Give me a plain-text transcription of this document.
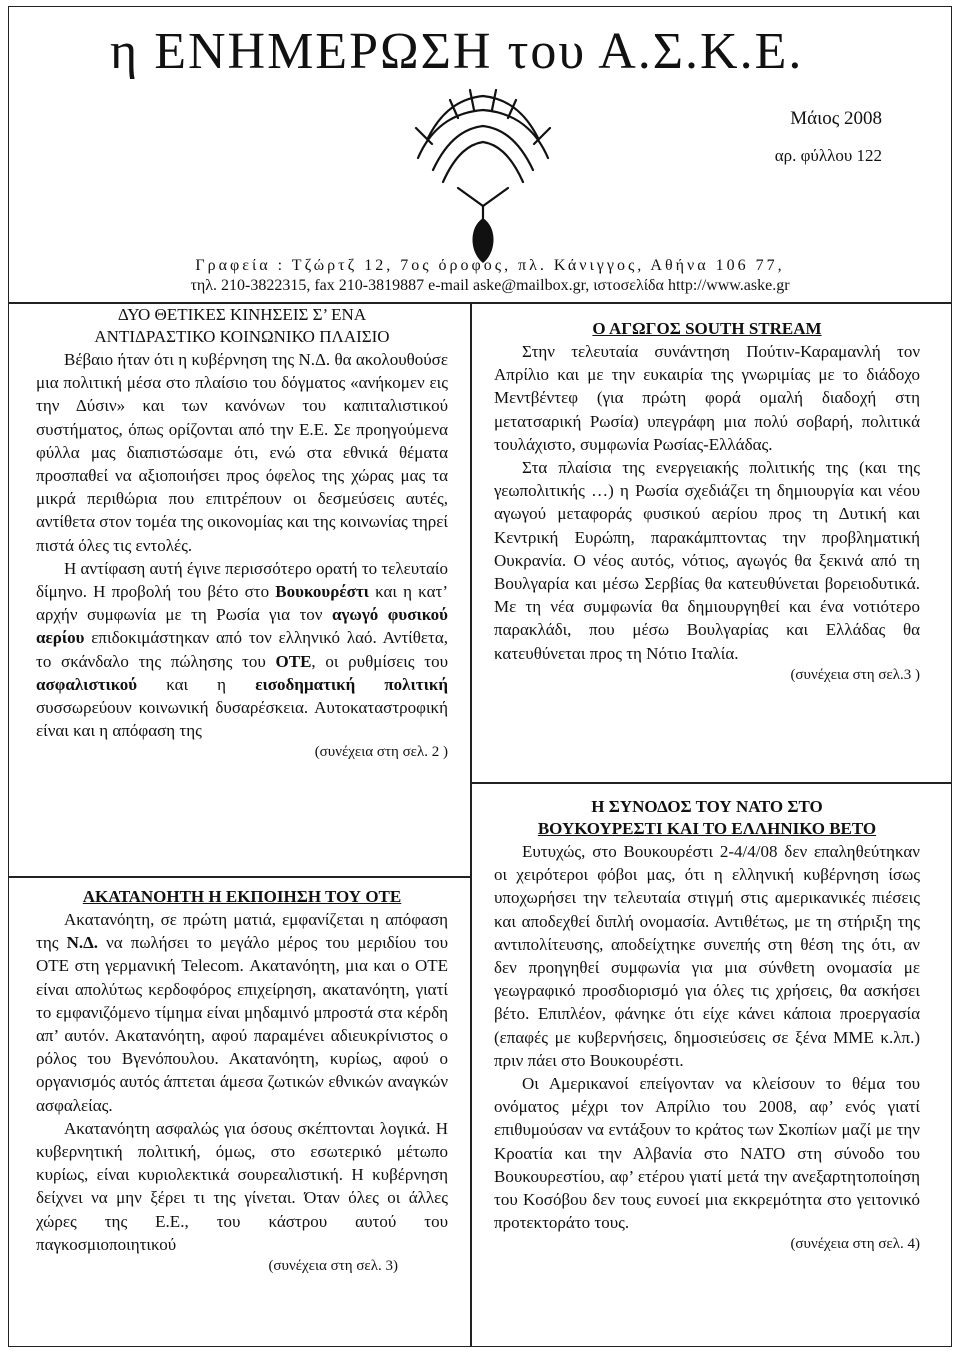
η ΕΝΗΜΕΡΩΣΗ του Α.Σ.Κ.Ε.
Μάιος 2008
αρ. φύλλου 122
Γραφεία : Τζώρτζ 12, 7ος όροφος, πλ. Κάνιγγος, Αθήνα 106 77,
τηλ. 210-3822315, fax 210-3819887 e-mail aske@mailbox.gr, ιστοσελίδα http://www.aske.gr

ΔΥΟ ΘΕΤΙΚΕΣ ΚΙΝΗΣΕΙΣ Σ’ ΕΝΑ

ΑΝΤΙΔΡΑΣΤΙΚΟ ΚΟΙΝΩΝΙΚΟ ΠΛΑΙΣΙΟ

Βέβαιο ήταν ότι η κυβέρνηση της Ν.Δ. θα ακολουθούσε μια πολιτική μέσα στο πλαίσιο του δόγματος «ανήκομεν εις την Δύσιν» και των κανόνων του καπιταλιστικού συστήματος, όπως ορίζονται από την Ε.Ε. Σε προηγούμενα φύλλα μας διαπιστώσαμε ότι, ενώ στα εθνικά θέματα προσπαθεί να αξιοποιήσει προς όφελος της χώρας μας τα μικρά περιθώρια που επιτρέπουν οι δεσμεύσεις αυτές, αντίθετα στον τομέα της οικονομίας και της κοινωνίας τηρεί πιστά όλες τις εντολές.

Η αντίφαση αυτή έγινε περισσότερο ορατή το τελευταίο δίμηνο. Η προβολή του βέτο στο Βουκουρέστι και η κατ’ αρχήν συμφωνία με τη Ρωσία για τον αγωγό φυσικού αερίου επιδοκιμάστηκαν από τον ελληνικό λαό. Αντίθετα, το σκάνδαλο της πώλησης του ΟΤΕ, οι ρυθμίσεις του ασφαλιστικού και η εισοδηματική πολιτική συσσωρεύουν κοινωνική δυσαρέσκεια. Αυτοκαταστροφική είναι και η απόφαση της

(συνέχεια στη σελ. 2 )

ΑΚΑΤΑΝΟΗΤΗ Η ΕΚΠΟΙΗΣΗ ΤΟΥ ΟΤΕ

Ακατανόητη, σε πρώτη ματιά, εμφανίζεται η απόφαση της Ν.Δ. να πωλήσει το μεγάλο μέρος του μεριδίου του ΟΤΕ στη γερμανική Telecom. Ακατανόητη, μια και ο ΟΤΕ είναι απολύτως κερδοφόρος επιχείρηση, ακατανόητη, γιατί το εμφανιζόμενο τίμημα είναι μηδαμινό μπροστά στα κέρδη απ’ αυτόν. Ακατανόητη, αφού παραμένει αδιευκρίνιστος ο ρόλος του Βγενόπουλου. Ακατανόητη, κυρίως, αφού ο οργανισμός αυτός άπτεται άμεσα ζωτικών εθνικών αναγκών ασφαλείας.

Ακατανόητη ασφαλώς για όσους σκέπτονται λογικά. Η κυβερνητική πολιτική, όμως, στο εσωτερικό μέτωπο κυρίως, είναι κυριολεκτικά σουρεαλιστική. Η κυβέρνηση δείχνει να μην ξέρει τι της γίνεται. Όταν όλες οι άλλες χώρες της Ε.Ε., του κάστρου αυτού του παγκοσμιοποιητικού

(συνέχεια στη σελ. 3)

Ο ΑΓΩΓΟΣ SOUTH STREAM

Στην τελευταία συνάντηση Πούτιν-Καραμανλή τον Απρίλιο και με την ευκαιρία της γνωριμίας με το διάδοχο Μεντβέντεφ (για πρώτη φορά ομαλή διαδοχή στη μετατσαρική Ρωσία) υπεγράφη μια πολύ σοβαρή, πολιτικά τουλάχιστο, συμφωνία Ρωσίας-Ελλάδας.

Στα πλαίσια της ενεργειακής πολιτικής της (και της γεωπολιτικής …) η Ρωσία σχεδιάζει τη δημιουργία και νέου αγωγού μεταφοράς φυσικού αερίου προς τη Δυτική και Κεντρική Ευρώπη, παρακάμπτοντας την προβληματική Ουκρανία. Ο νέος αυτός, νότιος, αγωγός θα ξεκινά από τη Βουλγαρία και μέσω Σερβίας θα κατευθύνεται βορειοδυτικά. Με τη νέα συμφωνία θα δημιουργηθεί και ένα νοτιότερο παρακλάδι, που μέσω Βουλγαρίας και Ελλάδας θα κατευθύνεται προς τη Νότιο Ιταλία.

(συνέχεια στη σελ.3 )

Η ΣΥΝΟΔΟΣ ΤΟΥ ΝΑΤΟ ΣΤΟ

ΒΟΥΚΟΥΡΕΣΤΙ ΚΑΙ ΤΟ ΕΛΛΗΝΙΚΟ ΒΕΤΟ

Ευτυχώς, στο Βουκουρέστι 2-4/4/08 δεν επαληθεύτηκαν οι χειρότεροι φόβοι μας, ότι η ελληνική κυβέρνηση ίσως υποχωρήσει την τελευταία στιγμή στις αμερικανικές πιέσεις και αποδεχθεί διπλή ονομασία. Αντιθέτως, με τη στήριξη της αντιπολίτευσης, αποδείχτηκε συνεπής στη θέση της ότι, αν δεν προηγηθεί συμφωνία για μια σύνθετη ονομασία με γεωγραφικό προσδιορισμό για όλες τις χρήσεις, θα ασκήσει βέτο. Επιπλέον, φάνηκε ότι είχε κάνει κάποια προεργασία (επαφές με κυβερνήσεις, δημοσιεύσεις σε ξένα ΜΜΕ κ.λπ.) πριν πάει στο Βουκουρέστι.

Οι Αμερικανοί επείγονταν να κλείσουν το θέμα του ονόματος μέχρι τον Απρίλιο του 2008, αφ’ ενός γιατί επιθυμούσαν να εντάξουν το κράτος των Σκοπίων μαζί με την Κροατία και την Αλβανία στο ΝΑΤΟ στη σύνοδο του Βουκουρεστίου, αφ’ ετέρου γιατί μετά την ανεξαρτητοποίηση του Κοσόβου δεν τους ευνοεί μια εκκρεμότητα στο γειτονικό προτεκτοράτο τους.

(συνέχεια στη σελ. 4)
